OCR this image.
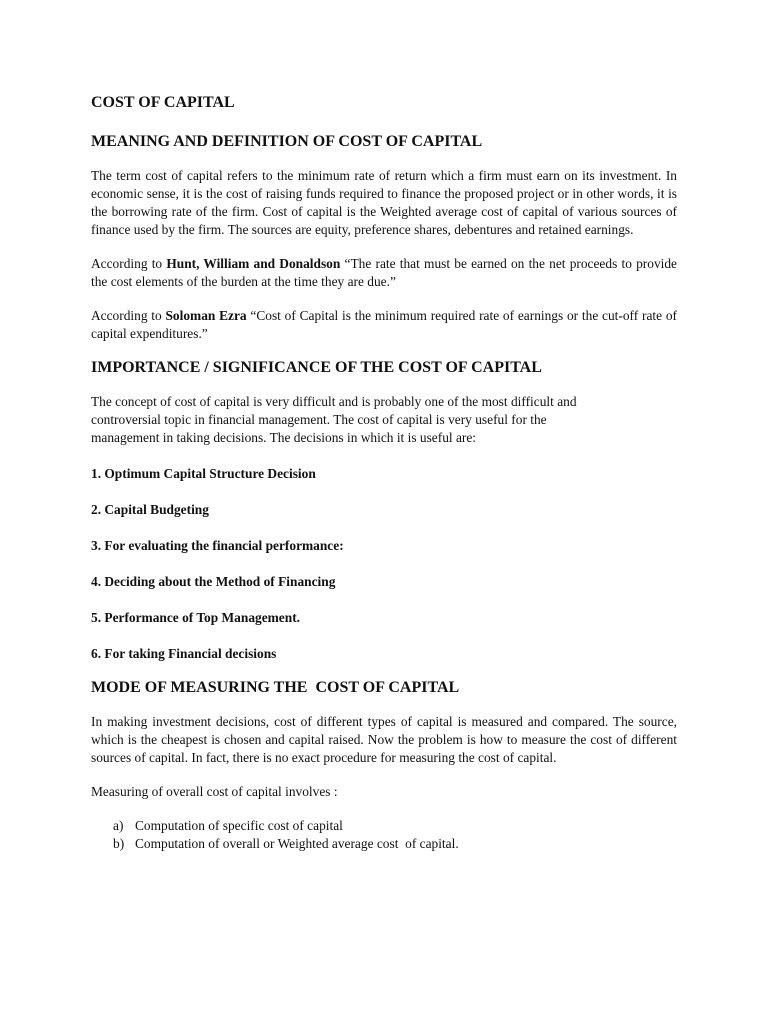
COST OF CAPITAL
MEANING AND DEFINITION OF COST OF CAPITAL

The term cost of capital refers to the minimum rate of return which a firm must earn on its investment. In economic sense, it is the cost of raising funds required to finance the proposed project or in other words, it is the borrowing rate of the firm. Cost of capital is the Weighted average cost of capital of various sources of finance used by the firm. The sources are equity, preference shares, debentures and retained earnings.

According to Hunt, William and Donaldson “The rate that must be earned on the net proceeds to provide the cost elements of the burden at the time they are due.”

According to Soloman Ezra “Cost of Capital is the minimum required rate of earnings or the cut-off rate of capital expenditures.”

IMPORTANCE / SIGNIFICANCE OF THE COST OF CAPITAL

The concept of cost of capital is very difficult and is probably one of the most difficult and
controversial topic in financial management. The cost of capital is very useful for the
management in taking decisions. The decisions in which it is useful are:

1. Optimum Capital Structure Decision

2. Capital Budgeting

3. For evaluating the financial performance:

4. Deciding about the Method of Financing

5. Performance of Top Management.

6. For taking Financial decisions

MODE OF MEASURING THE  COST OF CAPITAL

In making investment decisions, cost of different types of capital is measured and compared. The source, which is the cheapest is chosen and capital raised. Now the problem is how to measure the cost of different sources of capital. In fact, there is no exact procedure for measuring the cost of capital.

Measuring of overall cost of capital involves :

a) Computation of specific cost of capital
b) Computation of overall or Weighted average cost  of capital.
